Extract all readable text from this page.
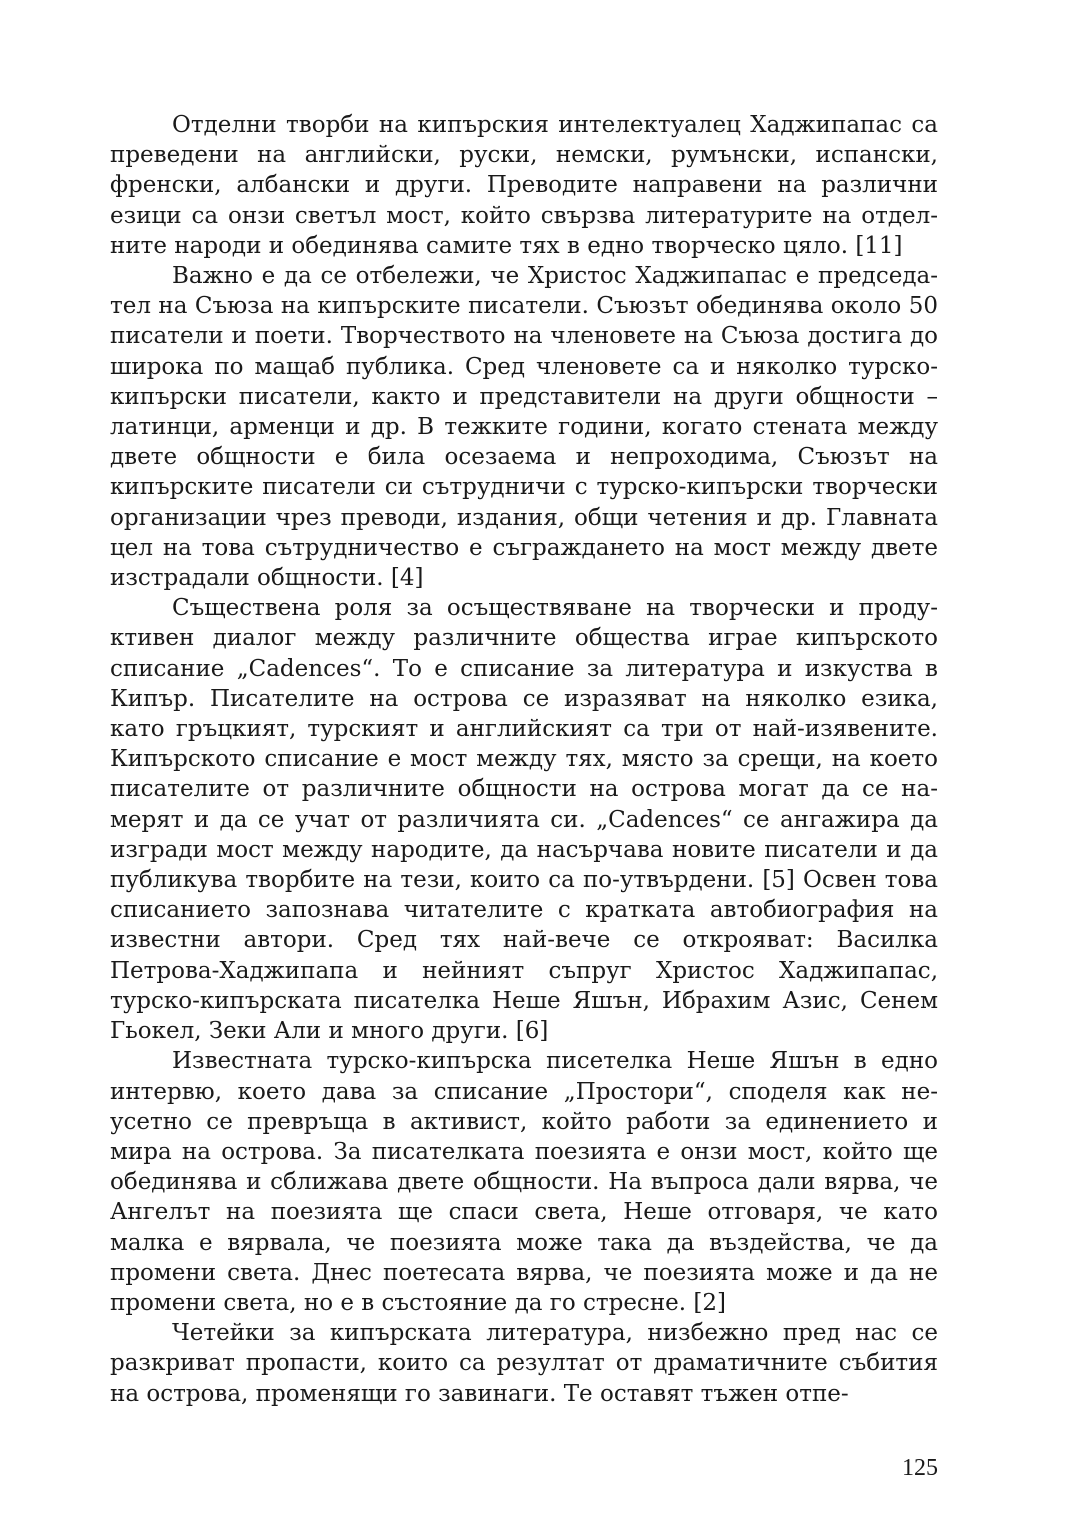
Отделни творби на кипърския интелектуалец Хаджипапас са преведени на английски, руски, немски, румънски, испански, френски, албански и други. Преводите направени на различни езици са онзи светъл мост, който свързва литературите на отделните народи и обединява самите тях в едно творческо цяло. [11]

Важно е да се отбележи, че Христос Хаджипапас е председател на Съюза на кипърските писатели. Съюзът обединява около 50 писатели и поети. Творчеството на членовете на Съюза достига до широка по мащаб публика. Сред членовете са и няколко турско-кипърски писатели, както и представители на други общности – латинци, арменци и др. В тежките години, когато стената между двете общности е била осезаема и непроходима, Съюзът на кипърските писатели си сътрудничи с турско-кипърски творчески организации чрез преводи, издания, общи четения и др. Главната цел на това сътрудничество е съграждането на мост между двете изстрадали общности. [4]

Съществена роля за осъществяване на творчески и продуктивен диалог между различните общества играе кипърското списание „Cadences“. То е списание за литература и изкуства в Кипър. Писателите на острова се изразяват на няколко езика, като гръцкият, турският и английският са три от най-изявените. Кипърското списание е мост между тях, място за срещи, на което писателите от различните общности на острова могат да се намерят и да се учат от различията си. „Cadences“ се ангажира да изгради мост между народите, да насърчава новите писатели и да публикува творбите на тези, които са по-утвърдени. [5] Освен това списанието запознава читателите с кратката автобиография на известни автори. Сред тях най-вече се открояват: Василка Петрова-Хаджипапа и нейният съпруг Христос Хаджипапас, турско-кипърската писателка Неше Яшън, Ибрахим Азис, Сенем Гьокел, Зеки Али и много други. [6]

Известната турско-кипърска писетелка Неше Яшън в едно интервю, което дава за списание „Простори“, споделя как неусетно се превръща в активист, който работи за единението и мира на острова. За писателката поезията е онзи мост, който ще обединява и сближава двете общности. На въпроса дали вярва, че Ангелът на поезията ще спаси света, Неше отговаря, че като малка е вярвала, че поезията може така да въздейства, че да промени света. Днес поетесата вярва, че поезията може и да не промени света, но е в състояние да го стресне. [2]

Четейки за кипърската литература, низбежно пред нас се разкриват пропасти, които са резултат от драматичните събития на острова, променящи го завинаги. Те оставят тъжен отпе-

125
